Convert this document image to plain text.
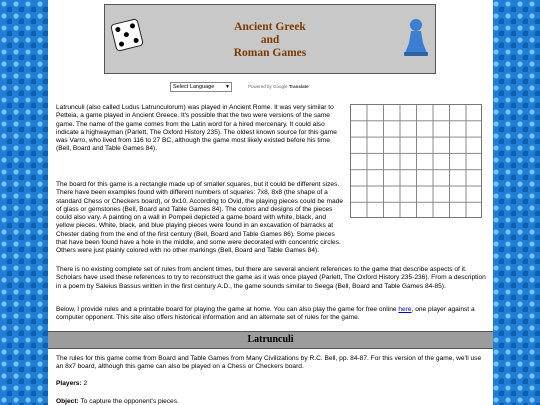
Ancient Greek
and
Roman Games
Select Language ▼	Powered by Google Translate

Latrunculi (also called Ludus Latrunculorum) was played in Ancient Rome. It was very similar to Petteia, a game played in Ancient Greece. It's possible that the two were versions of the same game. The name of the game comes from the Latin word for a hired mercenary. It could also indicate a highwayman (Parlett, The Oxford History 235). The oldest known source for this game was Varro, who lived from 116 to 27 BC, although the game most likely existed before his time (Bell, Board and Table Games 84).

The board for this game is a rectangle made up of smaller squares, but it could be different sizes. There have been examples found with different numbers of squares: 7x8, 8x8 (the shape of a standard Chess or Checkers board), or 9x10. According to Ovid, the playing pieces could be made of glass or gemstones (Bell, Board and Table Games 84). The colors and designs of the pieces could also vary. A painting on a wall in Pompeii depicted a game board with white, black, and yellow pieces. White, black, and blue playing pieces were found in an excavation of barracks at Chester dating from the end of the first century (Bell, Board and Table Games 86). Some pieces that have been found have a hole in the middle, and some were decorated with concentric circles. Others were just plainly colored with no other markings (Bell, Board and Table Games 84).

There is no existing complete set of rules from ancient times, but there are several ancient references to the game that describe aspects of it. Scholars have used these references to try to reconstruct the game as it was once played (Parlett, The Oxford History 235-236). From a description in a poem by Saleius Bassus written in the first century A.D., the game sounds similar to Seega (Bell, Board and Table Games 84-85).

Below, I provide rules and a printable board for playing the game at home. You can also play the game for free online here, one player against a computer opponent. This site also offers historical information and an alternate set of rules for the game.

Latrunculi

The rules for this game come from Board and Table Games from Many Civilizations by R.C. Bell, pp. 84-87. For this version of the game, we'll use an 8x7 board, although this game can also be played on a Chess or Checkers board.

Players: 2

Object: To capture the opponent's pieces.
